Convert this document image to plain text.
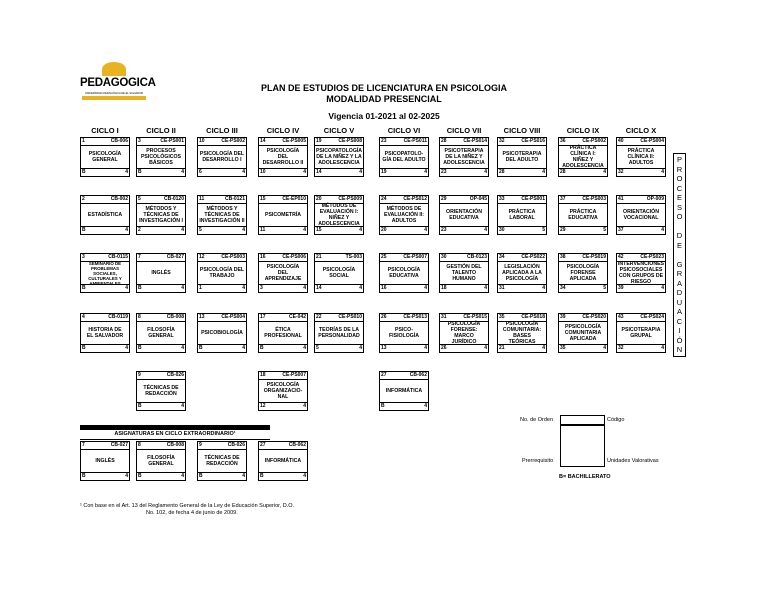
PEDAGOGICA
UNIVERSIDAD PEDAGÓGICA DE EL SALVADOR
PLAN DE ESTUDIOS DE LICENCIATURA EN PSICOLOGIA
MODALIDAD PRESENCIAL
Vigencia 01-2021 al 02-2025
CICLO I	CICLO II	CICLO III	CICLO IV	CICLO V	CICLO VI	CICLO VII	CICLO VIII	CICLO IX	CICLO X
1	CB-006
PSICOLOGÍA
GENERAL
B	4
3	CE-PS001
PROCESOS
PSICOLÓGICOS
BÁSICOS
B	4
10	CE-PS002
PSICOLOGÍA DEL
DESARROLLO I
6	4
14	CE-PS005
PSICOLOGÍA
DEL
DESARROLLO II
10	4
19	CE-PS008
PSICOPATOLOGÍA
DE LA NIÑEZ Y LA
ADOLESCENCIA
14	4
23	CE-PS011
PSICOPATOLO-
GÍA DEL ADULTO
19	4
28	CE-PS014
PSICOTERAPIA
DE LA NIÑEZ Y
ADOLESCENCIA
23	4
32	CE-PS016
PSICOTERAPIA
DEL ADULTO
28	4
36	CE-PS002
PRÁCTICA
CLÍNICA I:
NIÑEZ Y
ADOLESCENCIA
28	4
40	CE-PS004
PRÁCTICA
CLÍNICA II:
ADULTOS
32	4
2	CB-002
ESTADÍSTICA
B	4
5	CB-0120
MÉTODOS Y
TÉCNICAS DE
INVESTIGACIÓN I
2	4
11	CB-0121
MÉTODOS Y
TÉCNICAS DE
INVESTIGACIÓN II
5	4
15	CE-EP010
PSICOMETRÍA
11	4
20	CE-PS009
MÉTODOS DE
EVALUACIÓN I:
NIÑEZ Y
ADOLESCENCIA
15	4
24	CE-PS012
MÉTODOS DE
EVALUACIÓN II:
ADULTOS
20	4
29	OP-045
ORIENTACIÓN
EDUCATIVA
23	4
33	CE-PS001
PRÁCTICA
LABORAL
30	5
37	CE-PS003
PRÁCTICA
EDUCATIVA
29	5
41	OP-009
ORIENTACIÓN
VOCACIONAL
37	4
3	CB-0115
SEMINARIO DE
PROBLEMAS
SOCIALES,
CULTURALES Y
AMBIENTALES
B	4
7	CB-027
INGLÉS
B	4
12	CE-PS003
PSICOLOGÍA DEL
TRABAJO
1	4
16	CE-PS006
PSICOLOGÍA
DEL
APRENDIZAJE
3	4
21	TS-003
PSICOLOGÍA
SOCIAL
14	4
25	CE-PS007
PSICOLOGÍA
EDUCATIVA
16	4
30	CB-0123
GESTIÓN DEL
TALENTO
HUMANO
18	4
34	CE-PS022
LEGISLACIÓN
APLICADA A LA
PSICOLOGÍA
31	4
38	CE-PS019
PSICOLOGÍA
FORENSE
APLICADA
34	5
42	CE-PS023
INTERVENCIONES
PSICOSOCIALES
CON GRUPOS DE
RIESGO
39	4
4	CB-0119
HISTORIA DE
EL SALVADOR
B	4
8	CB-008
FILOSOFÍA
GENERAL
B	4
13	CE-PS004
PSICOBIOLOGÍA
B	4
17	CE-042
ÉTICA
PROFESIONAL
B	4
22	CE-PS010
TEORÍAS DE LA
PERSONALIDAD
5	4
26	CE-PS013
PSICO-
FISIOLOGÍA
13	4
31	CE-PS015
PSICOLOGÍA
FORENSE:
MARCO
JURÍDICO
26	4
35	CE-PS018
PSICOLOGÍA
COMUNITARIA:
BASES TEÓRICAS
21	4
39	CE-PS020
PPSICOLOGÍA
COMUNITARIA
APLICADA
35	4
43	CE-PS024
PSICOTERAPIA
GRUPAL
32	4
9	CB-026
TÉCNICAS DE
REDACCIÓN
B	4
18	CE-PS007
PSICOLOGÍA
ORGANIZACIO-
NAL
12	4
27	CB-062
INFORMÁTICA
B	4
P
R
O
C
E
S
O

D
E

G
R
A
D
U
A
C
I
Ó
N
ASIGNATURAS EN CICLO EXTRAORDINARIO¹
7	CB-027
INGLÉS
B	4
8	CB-008
FILOSOFÍA
GENERAL
B	4
9	CB-026
TÉCNICAS DE
REDACCIÓN
B	4
27	CB-062
INFORMÁTICA
B	4
No. de Orden	Código
Prerrequisito	Unidades Valorativas
B= BACHILLERATO
¹ Con base en el Art. 13 del Reglamento General de la Ley de Educación Superior, D.O.
No. 102, de fecha 4 de junio de 2009.
